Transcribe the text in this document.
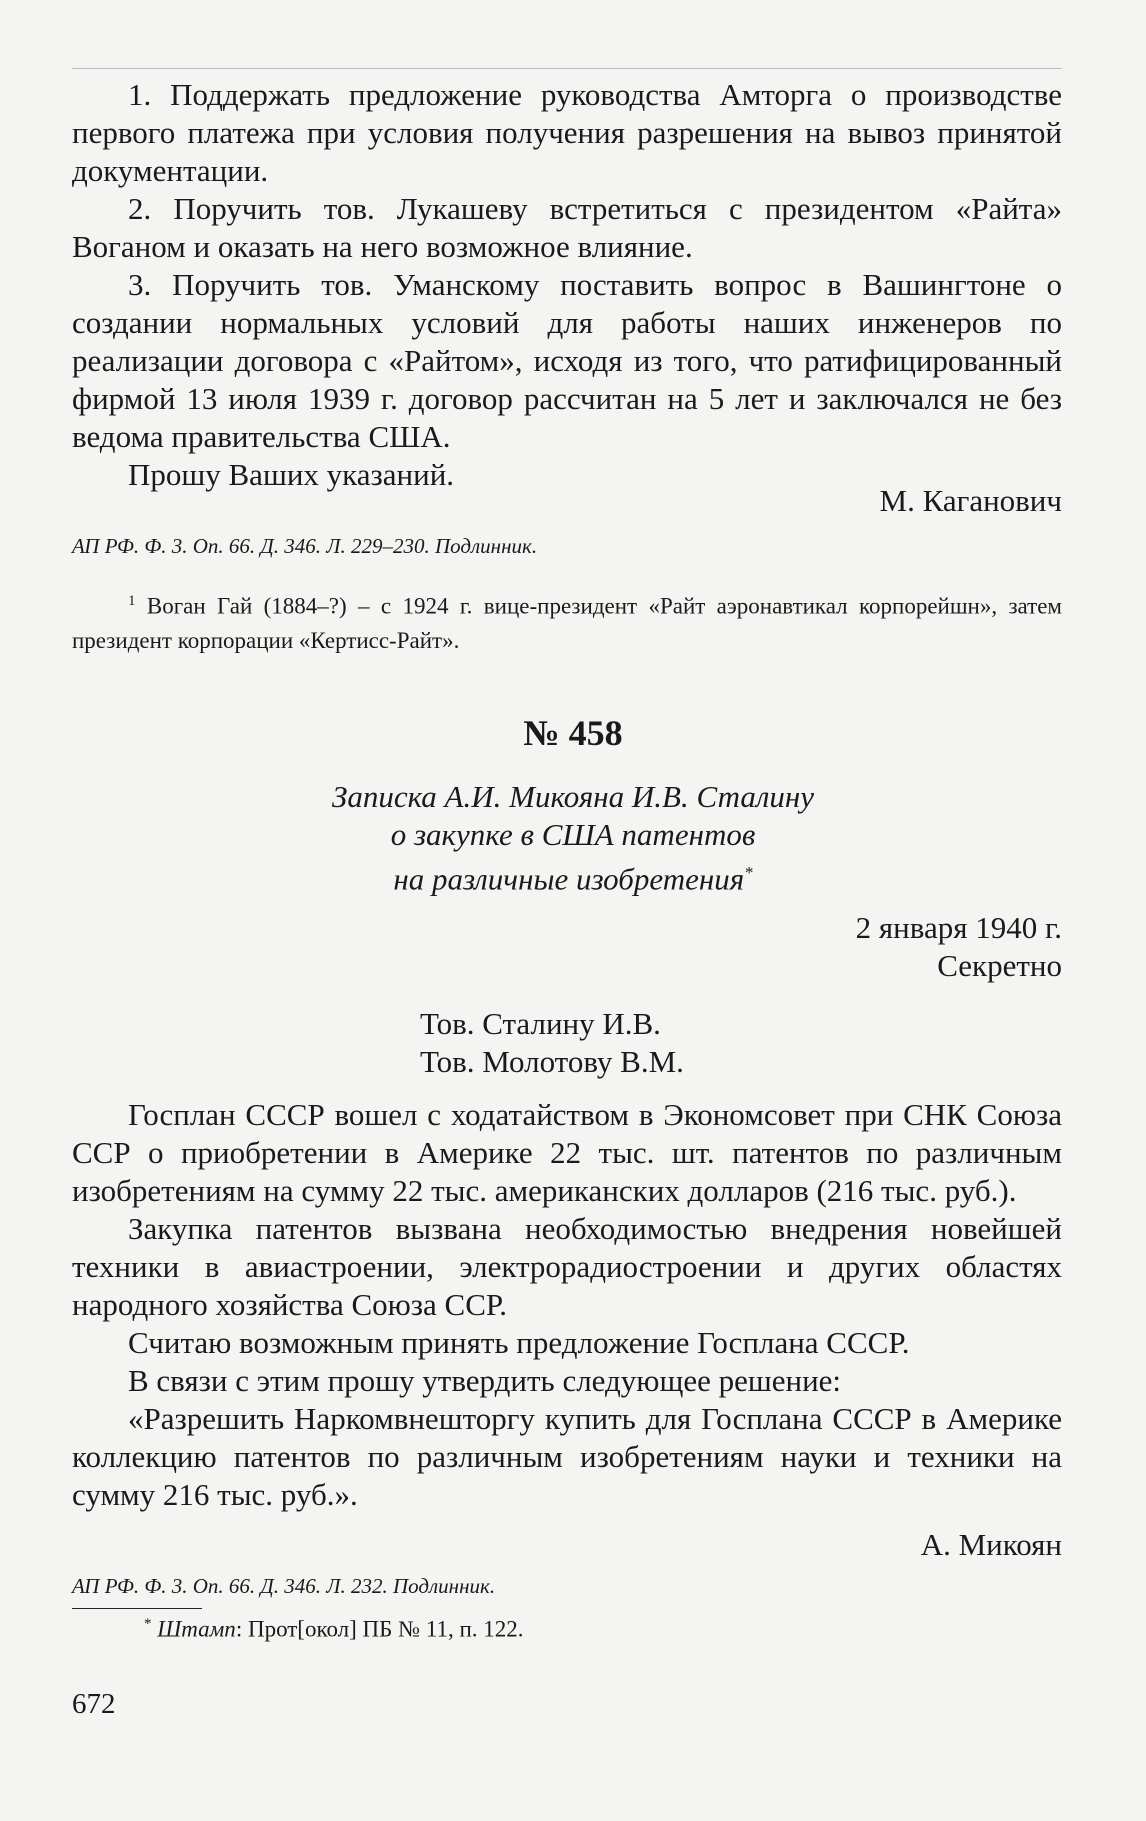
1. Поддержать предложение руководства Амторга о производстве первого платежа при условия получения разрешения на вывоз принятой документации.

2. Поручить тов. Лукашеву встретиться с президентом «Райта» Воганом и оказать на него возможное влияние.

3. Поручить тов. Уманскому поставить вопрос в Вашингтоне о создании нормальных условий для работы наших инженеров по реализации договора с «Райтом», исходя из того, что ратифицированный фирмой 13 июля 1939 г. договор рассчитан на 5 лет и заключался не без ведома правительства США.

Прошу Ваших указаний.

М. Каганович

АП РФ. Ф. 3. Оп. 66. Д. 346. Л. 229–230. Подлинник.

$^1$ Воган Гай (1884–?) – с 1924 г. вице-президент «Райт аэронавтикал корпорейшн», затем президент корпорации «Кертисс-Райт».

№ 458

Записка А.И. Микояна И.В. Сталину
о закупке в США патентов
на различные изобретения*

2 января 1940 г.

Секретно

Тов. Сталину И.В.

Тов. Молотову В.М.

Госплан СССР вошел с ходатайством в Экономсовет при СНК Союза ССР о приобретении в Америке 22 тыс. шт. патентов по различным изобретениям на сумму 22 тыс. американских долларов (216 тыс. руб.).

Закупка патентов вызвана необходимостью внедрения новейшей техники в авиастроении, электрорадиостроении и других областях народного хозяйства Союза ССР.

Считаю возможным принять предложение Госплана СССР.

В связи с этим прошу утвердить следующее решение:

«Разрешить Наркомвнешторгу купить для Госплана СССР в Америке коллекцию патентов по различным изобретениям науки и техники на сумму 216 тыс. руб.».

А. Микоян

АП РФ. Ф. 3. Оп. 66. Д. 346. Л. 232. Подлинник.

* Штамп: Прот[окол] ПБ № 11, п. 122.

672
